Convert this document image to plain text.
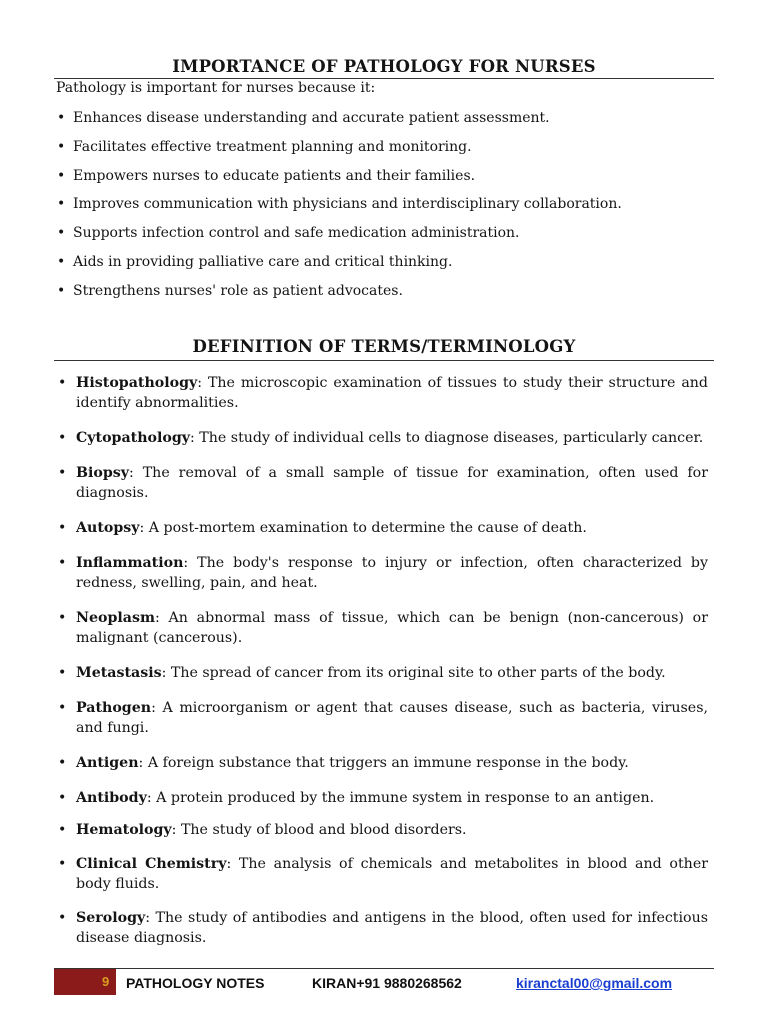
IMPORTANCE OF PATHOLOGY FOR NURSES
Pathology is important for nurses because it:
• Enhances disease understanding and accurate patient assessment.
• Facilitates effective treatment planning and monitoring.
• Empowers nurses to educate patients and their families.
• Improves communication with physicians and interdisciplinary collaboration.
• Supports infection control and safe medication administration.
• Aids in providing palliative care and critical thinking.
• Strengthens nurses' role as patient advocates.
DEFINITION OF TERMS/TERMINOLOGY
• Histopathology: The microscopic examination of tissues to study their structure and identify abnormalities.
• Cytopathology: The study of individual cells to diagnose diseases, particularly cancer.
• Biopsy: The removal of a small sample of tissue for examination, often used for diagnosis.
• Autopsy: A post-mortem examination to determine the cause of death.
• Inflammation: The body's response to injury or infection, often characterized by redness, swelling, pain, and heat.
• Neoplasm: An abnormal mass of tissue, which can be benign (non-cancerous) or malignant (cancerous).
• Metastasis: The spread of cancer from its original site to other parts of the body.
• Pathogen: A microorganism or agent that causes disease, such as bacteria, viruses, and fungi.
• Antigen: A foreign substance that triggers an immune response in the body.
• Antibody: A protein produced by the immune system in response to an antigen.
• Hematology: The study of blood and blood disorders.
• Clinical Chemistry: The analysis of chemicals and metabolites in blood and other body fluids.
• Serology: The study of antibodies and antigens in the blood, often used for infectious disease diagnosis.
9 PATHOLOGY NOTES	KIRAN+91 9880268562	kiranctal00@gmail.com
